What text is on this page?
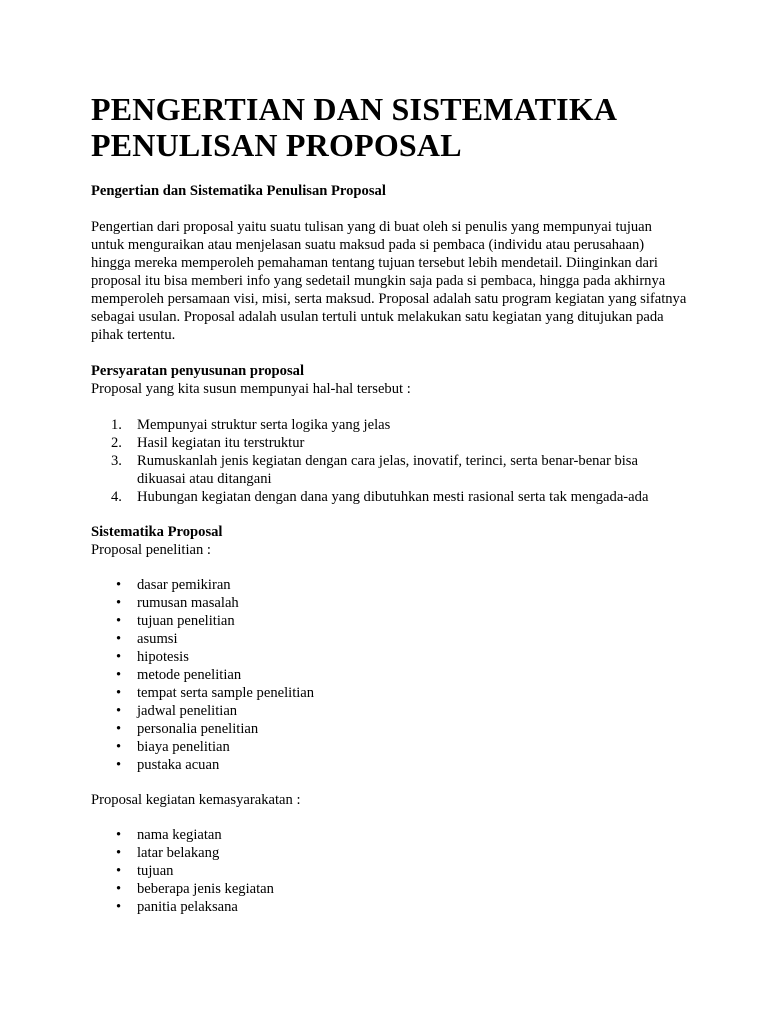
PENGERTIAN DAN SISTEMATIKA PENULISAN PROPOSAL

Pengertian dan Sistematika Penulisan Proposal

Pengertian dari proposal yaitu suatu tulisan yang di buat oleh si penulis yang mempunyai tujuan untuk menguraikan atau menjelasan suatu maksud pada si pembaca (individu atau perusahaan) hingga mereka memperoleh pemahaman tentang tujuan tersebut lebih mendetail. Diinginkan dari proposal itu bisa memberi info yang sedetail mungkin saja pada si pembaca, hingga pada akhirnya memperoleh persamaan visi, misi, serta maksud. Proposal adalah satu program kegiatan yang sifatnya sebagai usulan. Proposal adalah usulan tertuli untuk melakukan satu kegiatan yang ditujukan pada pihak tertentu.

Persyaratan penyusunan proposal

Proposal yang kita susun mempunyai hal-hal tersebut :

1. Mempunyai struktur serta logika yang jelas
2. Hasil kegiatan itu terstruktur
3. Rumuskanlah jenis kegiatan dengan cara jelas, inovatif, terinci, serta benar-benar bisa dikuasai atau ditangani
4. Hubungan kegiatan dengan dana yang dibutuhkan mesti rasional serta tak mengada-ada

Sistematika Proposal

Proposal penelitian :

• dasar pemikiran
• rumusan masalah
• tujuan penelitian
• asumsi
• hipotesis
• metode penelitian
• tempat serta sample penelitian
• jadwal penelitian
• personalia penelitian
• biaya penelitian
• pustaka acuan

Proposal kegiatan kemasyarakatan :

• nama kegiatan
• latar belakang
• tujuan
• beberapa jenis kegiatan
• panitia pelaksana
